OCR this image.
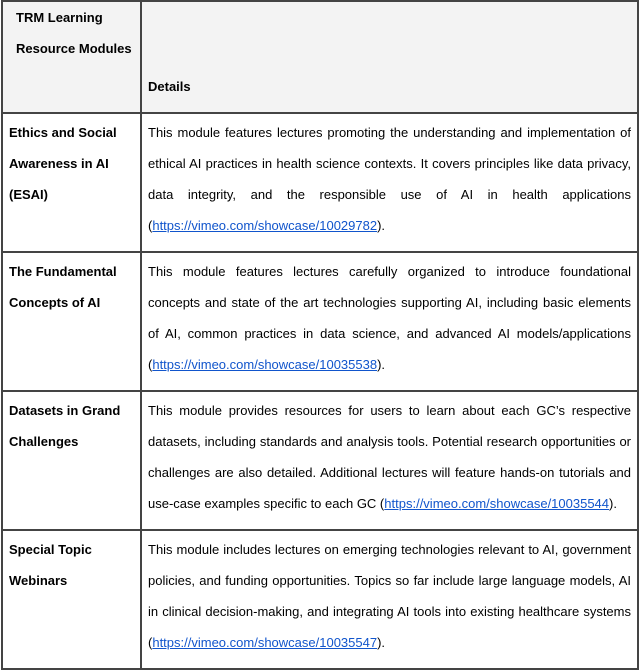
TRM Learning Resource Modules	Details
Ethics and Social Awareness in AI (ESAI)	This module features lectures promoting the understanding and implementation of ethical AI practices in health science contexts. It covers principles like data privacy, data integrity, and the responsible use of AI in health applications (https://vimeo.com/showcase/10029782).
The Fundamental Concepts of AI	This module features lectures carefully organized to introduce foundational concepts and state of the art technologies supporting AI, including basic elements of AI, common practices in data science, and advanced AI models/applications (https://vimeo.com/showcase/10035538).
Datasets in Grand Challenges	This module provides resources for users to learn about each GC’s respective datasets, including standards and analysis tools. Potential research opportunities or challenges are also detailed. Additional lectures will feature hands-on tutorials and use-case examples specific to each GC (https://vimeo.com/showcase/10035544).
Special Topic Webinars	This module includes lectures on emerging technologies relevant to AI, government policies, and funding opportunities. Topics so far include large language models, AI in clinical decision-making, and integrating AI tools into existing healthcare systems (https://vimeo.com/showcase/10035547).
